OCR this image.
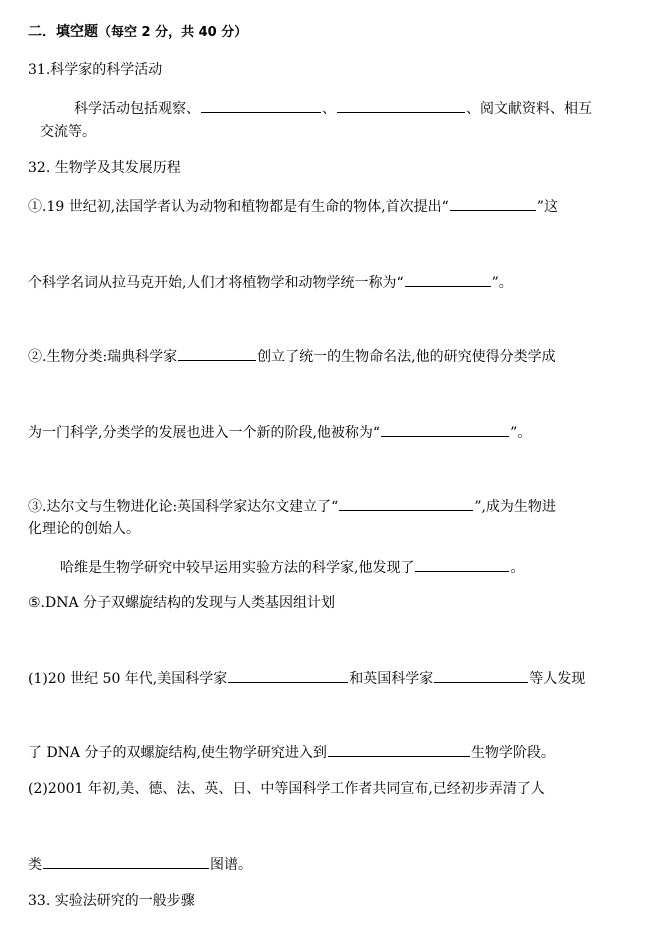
二．填空题（每空 2 分，共 40 分）
31.科学家的科学活动
科学活动包括观察、	、	、阅文献资料、相互
交流等。
32. 生物学及其发展历程
①.19 世纪初,法国学者认为动物和植物都是有生命的物体,首次提出“	”这
个科学名词从拉马克开始,人们才将植物学和动物学统一称为“	”。
②.生物分类:瑞典科学家	创立了统一的生物命名法,他的研究使得分类学成
为一门科学,分类学的发展也进入一个新的阶段,他被称为“	”。
③.达尔文与生物进化论:英国科学家达尔文建立了“	”,成为生物进
化理论的创始人。
哈维是生物学研究中较早运用实验方法的科学家,他发现了	。
⑤.DNA 分子双螺旋结构的发现与人类基因组计划
(1)20 世纪 50 年代,美国科学家	和英国科学家	等人发现
了 DNA 分子的双螺旋结构,使生物学研究进入到	生物学阶段。
(2)2001 年初,美、德、法、英、日、中等国科学工作者共同宣布,已经初步弄清了人
类	图谱。
33. 实验法研究的一般步骤
